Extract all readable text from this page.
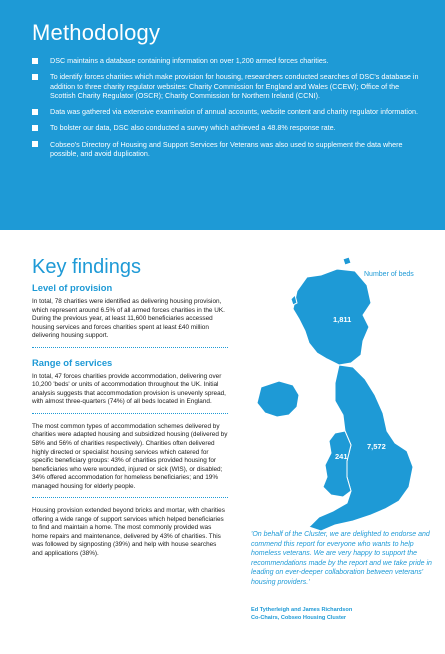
Methodology
DSC maintains a database containing information on over 1,200 armed forces charities.
To identify forces charities which make provision for housing, researchers conducted searches of DSC's database in addition to three charity regulator websites: Charity Commission for England and Wales (CCEW); Office of the Scottish Charity Regulator (OSCR); Charity Commission for Northern Ireland (CCNI).
Data was gathered via extensive examination of annual accounts, website content and charity regulator information.
To bolster our data, DSC also conducted a survey which achieved a 48.8% response rate.
Cobseo's Directory of Housing and Support Services for Veterans was also used to supplement the data where possible, and avoid duplication.
Key findings
Level of provision

In total, 78 charities were identified as delivering housing provision, which represent around 6.5% of all armed forces charities in the UK. During the previous year, at least 11,600 beneficiaries accessed housing services and forces charities spent at least £40 million delivering housing support.

Range of services

In total, 47 forces charities provide accommodation, delivering over 10,200 'beds' or units of accommodation throughout the UK. Initial analysis suggests that accommodation provision is unevenly spread, with almost three-quarters (74%) of all beds located in England.

The most common types of accommodation schemes delivered by charities were adapted housing and subsidized housing (delivered by 58% and 56% of charities respectively). Charities often delivered highly directed or specialist housing services which catered for specific beneficiary groups: 43% of charities provided housing for beneficiaries who were wounded, injured or sick (WIS), or disabled; 34% offered accommodation for homeless beneficiaries; and 19% managed housing for elderly people.

Housing provision extended beyond bricks and mortar, with charities offering a wide range of support services which helped beneficiaries to find and maintain a home. The most commonly provided was home repairs and maintenance, delivered by 43% of charities. This was followed by signposting (39%) and help with house searches and applications (38%).

Number of beds
1,811
183
241
7,572

'On behalf of the Cluster, we are delighted to endorse and commend this report for everyone who wants to help homeless veterans. We are very happy to support the recommendations made by the report and we take pride in leading on ever-deeper collaboration between veterans' housing providers.'

Ed Tytherleigh and James Richardson
Co-Chairs, Cobseo Housing Cluster
